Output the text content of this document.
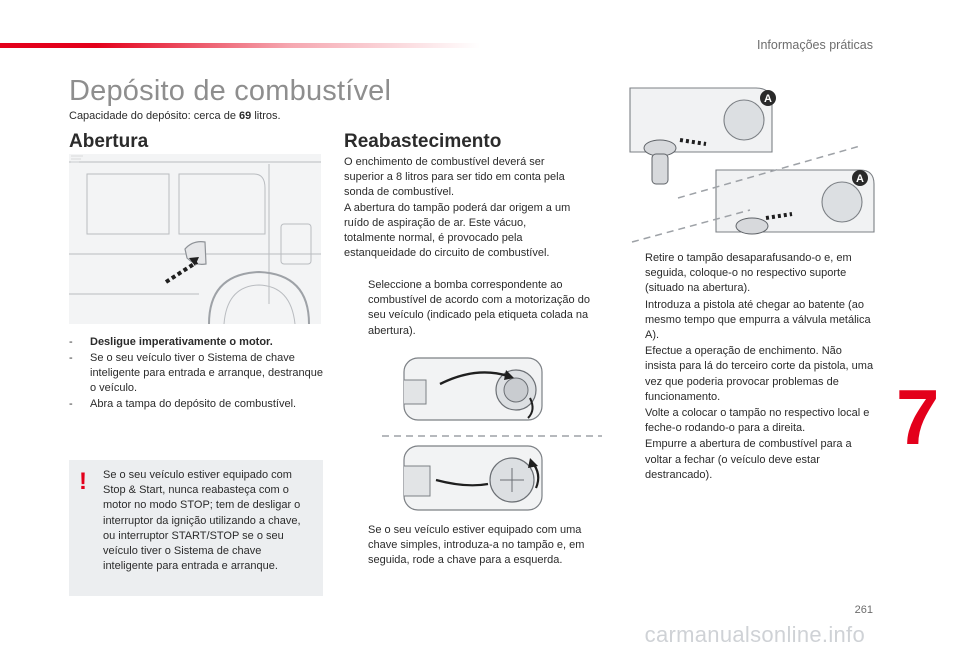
Informações práticas
Depósito de combustível
Capacidade do depósito: cerca de 69 litros.
Abertura	Reabastecimento
- Desligue imperativamente o motor.
- Se o seu veículo tiver o Sistema de chave inteligente para entrada e arranque, destranque o veículo.
- Abra a tampa do depósito de combustível.
! Se o seu veículo estiver equipado com Stop & Start, nunca reabasteça com o motor no modo STOP; tem de desligar o interruptor da ignição utilizando a chave, ou interruptor START/STOP se o seu veículo tiver o Sistema de chave inteligente para entrada e arranque.
O enchimento de combustível deverá ser superior a 8 litros para ser tido em conta pela sonda de combustível.
A abertura do tampão poderá dar origem a um ruído de aspiração de ar. Este vácuo, totalmente normal, é provocado pela estanqueidade do circuito de combustível.
Seleccione a bomba correspondente ao combustível de acordo com a motorização do seu veículo (indicado pela etiqueta colada na abertura).
Se o seu veículo estiver equipado com uma chave simples, introduza-a no tampão e, em seguida, rode a chave para a esquerda.
A
A
Retire o tampão desaparafusando-o e, em seguida, coloque-o no respectivo suporte (situado na abertura).
Introduza a pistola até chegar ao batente (ao mesmo tempo que empurra a válvula metálica A).
Efectue a operação de enchimento. Não insista para lá do terceiro corte da pistola, uma vez que poderia provocar problemas de funcionamento.
Volte a colocar o tampão no respectivo local e feche-o rodando-o para a direita.
Empurre a abertura de combustível para a voltar a fechar (o veículo deve estar destrancado).
7
261
carmanualsonline.info
